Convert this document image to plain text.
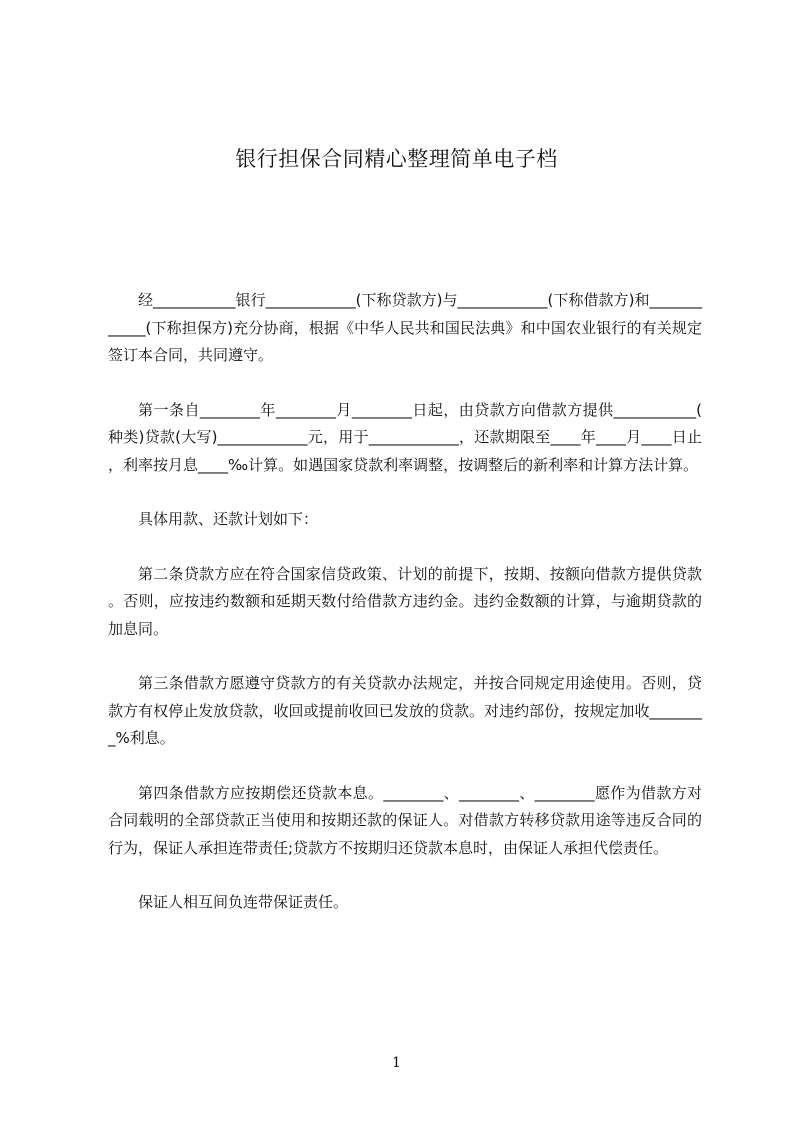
银行担保合同精心整理简单电子档

经___________银行____________(下称贷款方)与____________(下称借款方)和____________(下称担保方)充分协商，根据《中华人民共和国民法典》和中国农业银行的有关规定签订本合同，共同遵守。

第一条自________年________月________日起，由贷款方向借款方提供___________(种类)贷款(大写)____________元，用于____________，还款期限至____年____月____日止，利率按月息____‰计算。如遇国家贷款利率调整，按调整后的新利率和计算方法计算。

具体用款、还款计划如下：

第二条贷款方应在符合国家信贷政策、计划的前提下，按期、按额向借款方提供贷款。否则，应按违约数额和延期天数付给借款方违约金。违约金数额的计算，与逾期贷款的加息同。

第三条借款方愿遵守贷款方的有关贷款办法规定，并按合同规定用途使用。否则，贷款方有权停止发放贷款，收回或提前收回已发放的贷款。对违约部份，按规定加收________%利息。

第四条借款方应按期偿还贷款本息。________、________、________愿作为借款方对合同载明的全部贷款正当使用和按期还款的保证人。对借款方转移贷款用途等违反合同的行为，保证人承担连带责任;贷款方不按期归还贷款本息时，由保证人承担代偿责任。

保证人相互间负连带保证责任。

1
